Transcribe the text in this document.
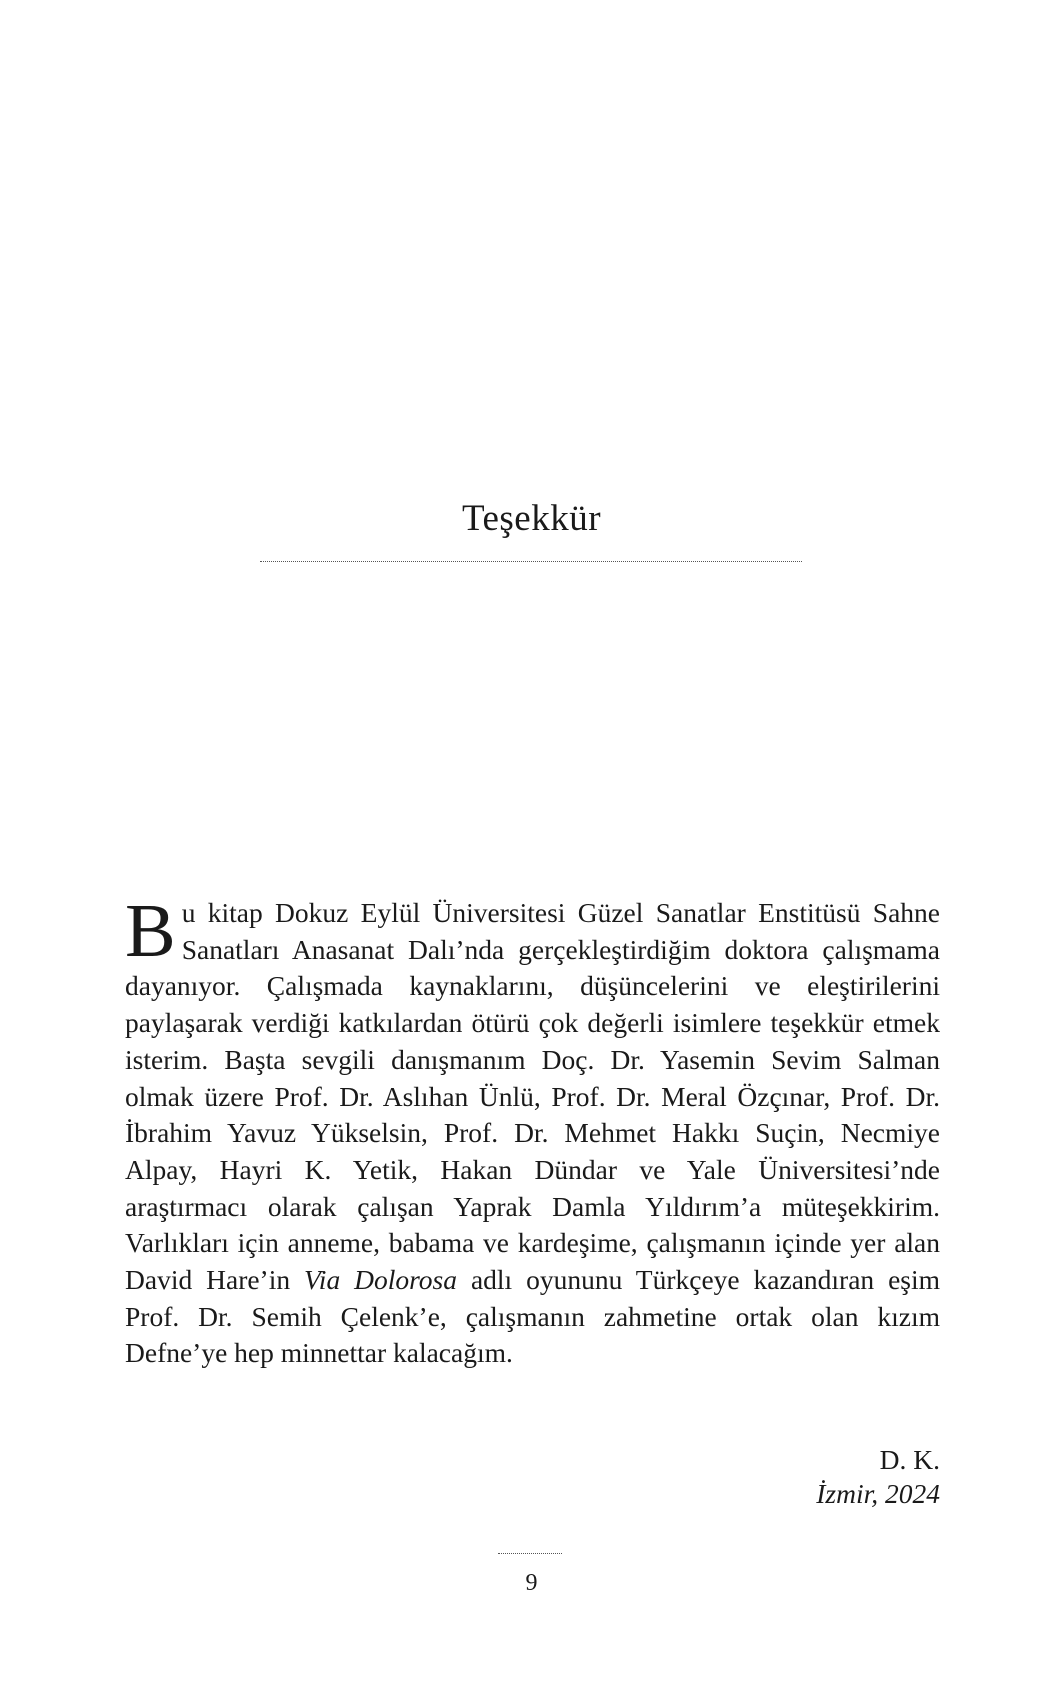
Teşekkür

Bu kitap Dokuz Eylül Üniversitesi Güzel Sanatlar Enstitüsü Sahne Sanatları Anasanat Dalı’nda gerçekleştirdiğim doktora çalışmama dayanıyor. Çalışmada kaynaklarını, düşüncelerini ve eleştirilerini paylaşarak verdiği katkılardan ötürü çok değerli isimlere teşekkür etmek isterim. Başta sevgili danışmanım Doç. Dr. Yasemin Sevim Salman olmak üzere Prof. Dr. Aslıhan Ünlü, Prof. Dr. Meral Özçınar, Prof. Dr. İbrahim Yavuz Yükselsin, Prof. Dr. Mehmet Hakkı Suçin, Necmiye Alpay, Hayri K. Yetik, Hakan Dündar ve Yale Üniversitesi’nde araştırmacı olarak çalışan Yaprak Damla Yıldırım’a müteşekkirim. Varlıkları için anneme, babama ve kardeşime, çalışmanın içinde yer alan David Hare’in Via Dolorosa adlı oyununu Türkçeye kazandıran eşim Prof. Dr. Semih Çelenk’e, çalışmanın zahmetine ortak olan kızım Defne’ye hep minnettar kalacağım.

D. K.
İzmir, 2024
9
